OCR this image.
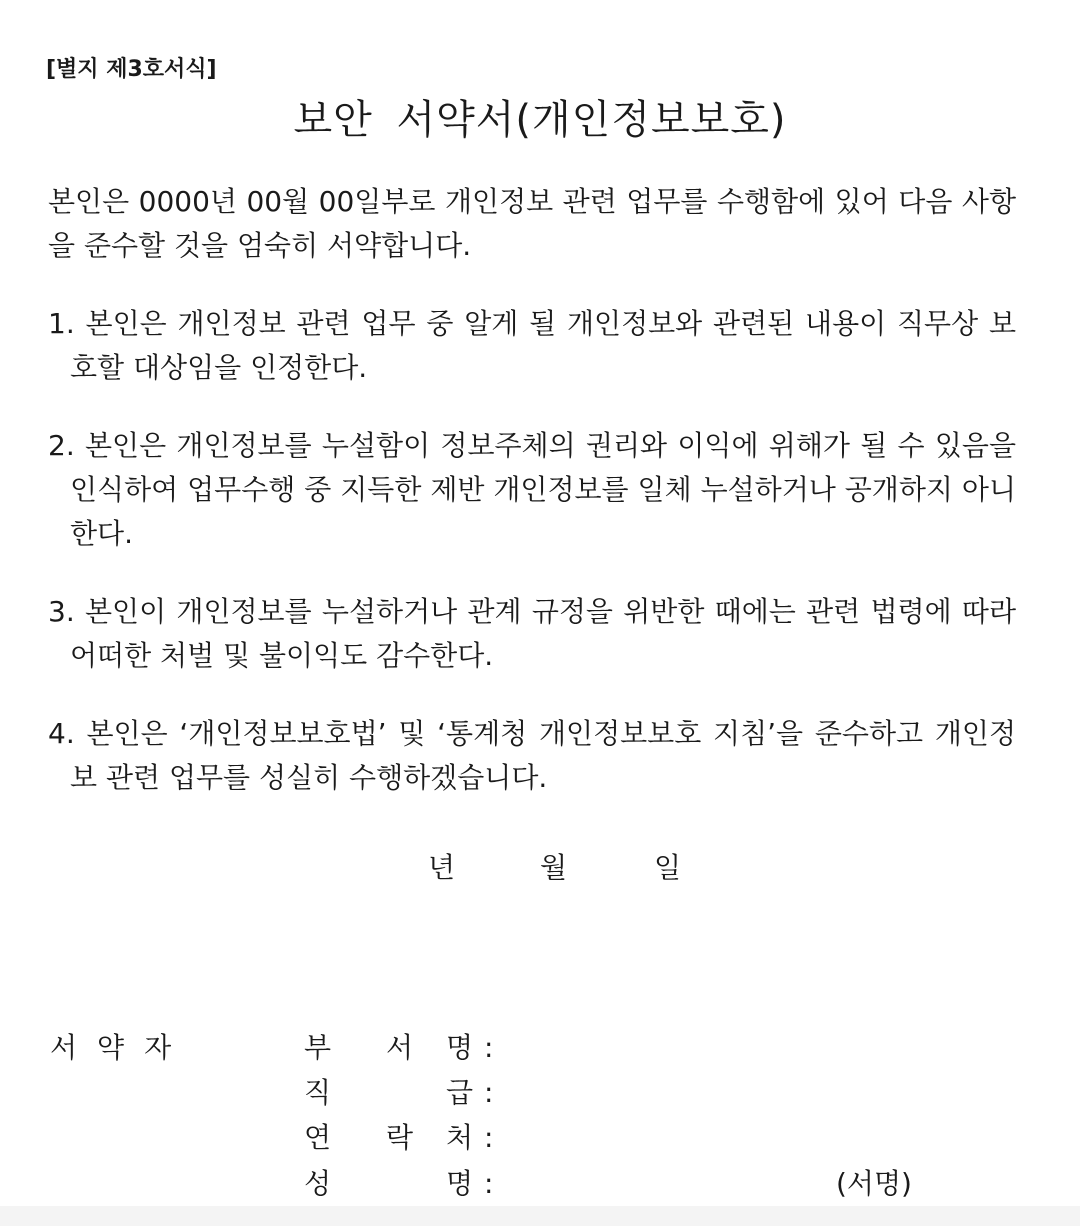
[별지 제3호서식]
보안 서약서(개인정보보호)
본인은 0000년 00월 00일부로 개인정보 관련 업무를 수행함에 있어 다음 사항을 준수할 것을 엄숙히 서약합니다.
1. 본인은 개인정보 관련 업무 중 알게 될 개인정보와 관련된 내용이 직무상 보호할 대상임을 인정한다.
2. 본인은 개인정보를 누설함이 정보주체의 권리와 이익에 위해가 될 수 있음을 인식하여 업무수행 중 지득한 제반 개인정보를 일체 누설하거나 공개하지 아니한다.
3. 본인이 개인정보를 누설하거나 관계 규정을 위반한 때에는 관련 법령에 따라 어떠한 처벌 및 불이익도 감수한다.
4. 본인은 ‘개인정보보호법’ 및 ‘통계청 개인정보보호 지침’을 준수하고 개인정보 관련 업무를 성실히 수행하겠습니다.
년	월	일
서약자	부 서 명 :
직	급 :
연 락 처 :
성	명 :	(서명)
